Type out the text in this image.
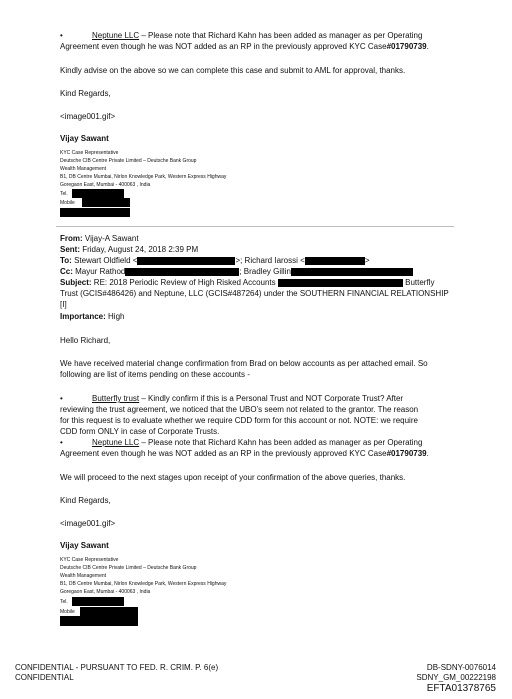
•	Neptune LLC – Please note that Richard Kahn has been added as manager as per Operating
Agreement even though he was NOT added as an RP in the previously approved KYC Case#01790739.
Kindly advise on the above so we can complete this case and submit to AML for approval, thanks.
Kind Regards,
<image001.gif>
Vijay Sawant
KYC Case Representative
Deutsche CIB Centre Private Limited – Deutsche Bank Group
Wealth Management
B1, DB Centre Mumbai, Nirlon Knowledge Park, Western Express Highway
Goregaon East, Mumbai - 400063 , India
Tel.
Mobile
From: Vijay-A Sawant
Sent: Friday, August 24, 2018 2:39 PM
To: Stewart Oldfield <	>; Richard Iarossi <	>
Cc: Mayur Rathod	; Bradley Gillin
Subject: RE: 2018 Periodic Review of High Risked Accounts	Butterfly
Trust (GCIS#486426) and Neptune, LLC (GCIS#487264) under the SOUTHERN FINANCIAL RELATIONSHIP
[I]
Importance: High
Hello Richard,
We have received material change confirmation from Brad on below accounts as per attached email. So
following are list of items pending on these accounts -
•	Butterfly trust – Kindly confirm if this is a Personal Trust and NOT Corporate Trust? After
reviewing the trust agreement, we noticed that the UBO’s seem not related to the grantor. The reason
for this request is to evaluate whether we require CDD form for this account or not. NOTE: we require
CDD form ONLY in case of Corporate Trusts.
•	Neptune LLC – Please note that Richard Kahn has been added as manager as per Operating
Agreement even though he was NOT added as an RP in the previously approved KYC Case#01790739.
We will proceed to the next stages upon receipt of your confirmation of the above queries, thanks.
Kind Regards,
<image001.gif>
Vijay Sawant
KYC Case Representative
Deutsche CIB Centre Private Limited – Deutsche Bank Group
Wealth Management
B1, DB Centre Mumbai, Nirlon Knowledge Park, Western Express Highway
Goregaon East, Mumbai - 400063 , India
Tel.
Mobile
CONFIDENTIAL - PURSUANT TO FED. R. CRIM. P. 6(e)
CONFIDENTIAL
DB-SDNY-0076014
SDNY_GM_00222198
EFTA01378765
